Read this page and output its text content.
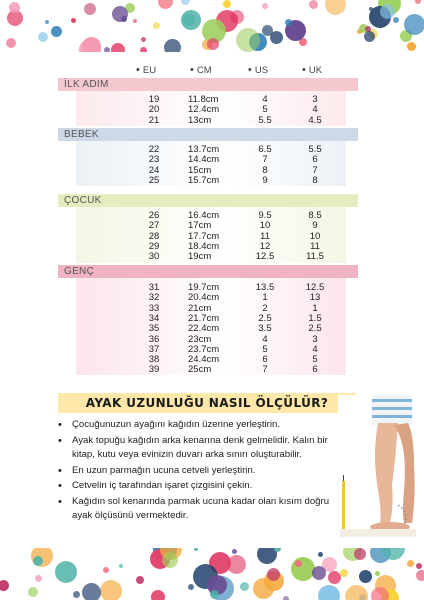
• EU	• CM	• US	• UK
İLK ADIM
19	11.8cm	4	3
20	12.4cm	5	4
21	13cm	5.5	4.5
BEBEK
22	13.7cm	6.5	5.5
23	14.4cm	7	6
24	15cm	8	7
25	15.7cm	9	8
ÇOCUK
26	16.4cm	9.5	8.5
27	17cm	10	9
28	17.7cm	11	10
29	18.4cm	12	11
30	19cm	12.5	11.5
GENÇ
31	19.7cm	13.5	12.5
32	20.4cm	1	13
33	21cm	2	1
34	21.7cm	2.5	1.5
35	22.4cm	3.5	2.5
36	23cm	4	3
37	23.7cm	5	4
38	24.4cm	6	5
39	25cm	7	6
AYAK UZUNLUĞU NASIL ÖLÇÜLÜR?
• Çocuğunuzun ayağını kağıdın üzerine yerleştirin.
• Ayak topuğu kağıdın arka kenarına denk gelmelidir. Kalın bir kitap, kutu veya evinizin duvarı arka sınırı oluşturabilir.
• En uzun parmağın ucuna cetveli yerleştirin.
• Cetvelin iç tarafından işaret çizgisini çekin.
• Kağıdın sol kenarında parmak ucuna kadar olan kısım doğru ayak ölçüsünü vermektedir.
